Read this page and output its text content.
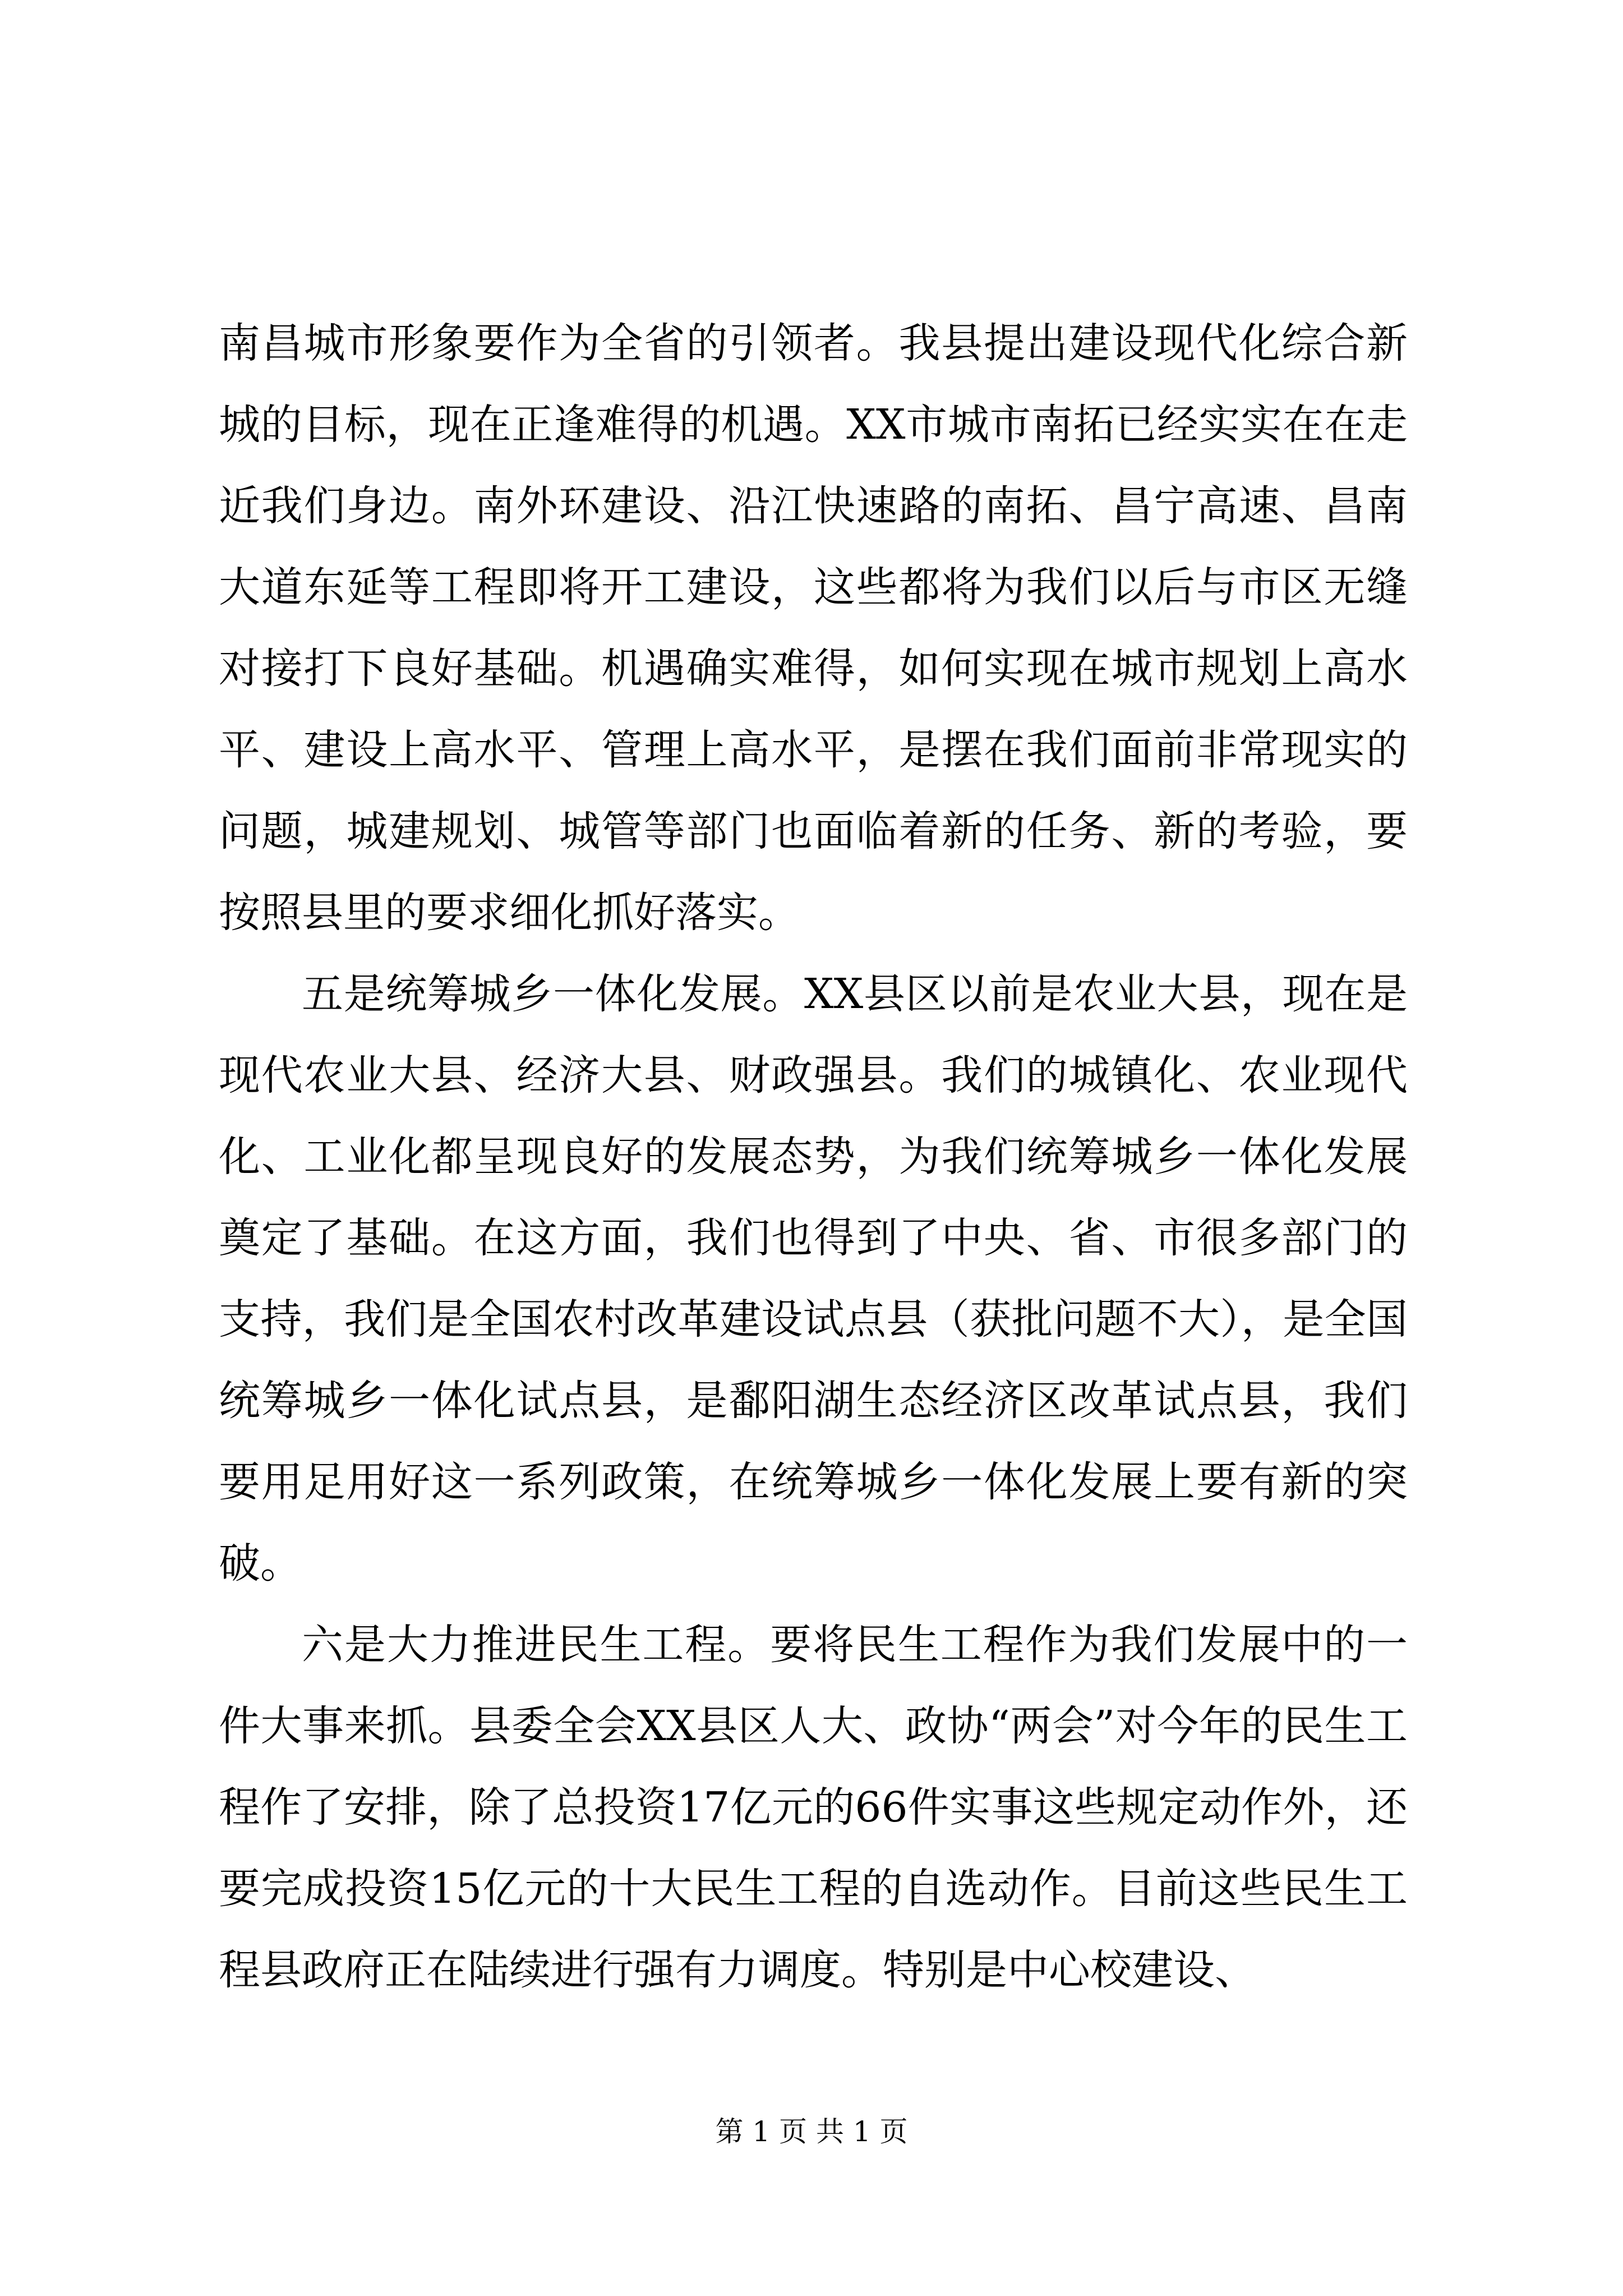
南昌城市形象要作为全省的引领者。我县提出建设现代化综合新城的目标，现在正逢难得的机遇。XX市城市南拓已经实实在在走近我们身边。南外环建设、沿江快速路的南拓、昌宁高速、昌南大道东延等工程即将开工建设，这些都将为我们以后与市区无缝对接打下良好基础。机遇确实难得，如何实现在城市规划上高水平、建设上高水平、管理上高水平，是摆在我们面前非常现实的问题，城建规划、城管等部门也面临着新的任务、新的考验，要按照县里的要求细化抓好落实。

五是统筹城乡一体化发展。XX县区以前是农业大县，现在是现代农业大县、经济大县、财政强县。我们的城镇化、农业现代化、工业化都呈现良好的发展态势，为我们统筹城乡一体化发展奠定了基础。在这方面，我们也得到了中央、省、市很多部门的支持，我们是全国农村改革建设试点县（获批问题不大），是全国统筹城乡一体化试点县，是鄱阳湖生态经济区改革试点县，我们要用足用好这一系列政策，在统筹城乡一体化发展上要有新的突破。

六是大力推进民生工程。要将民生工程作为我们发展中的一件大事来抓。县委全会XX县区人大、政协“两会”对今年的民生工程作了安排，除了总投资17亿元的66件实事这些规定动作外，还要完成投资15亿元的十大民生工程的自选动作。目前这些民生工程县政府正在陆续进行强有力调度。特别是中心校建设、

第 1 页 共 1 页
